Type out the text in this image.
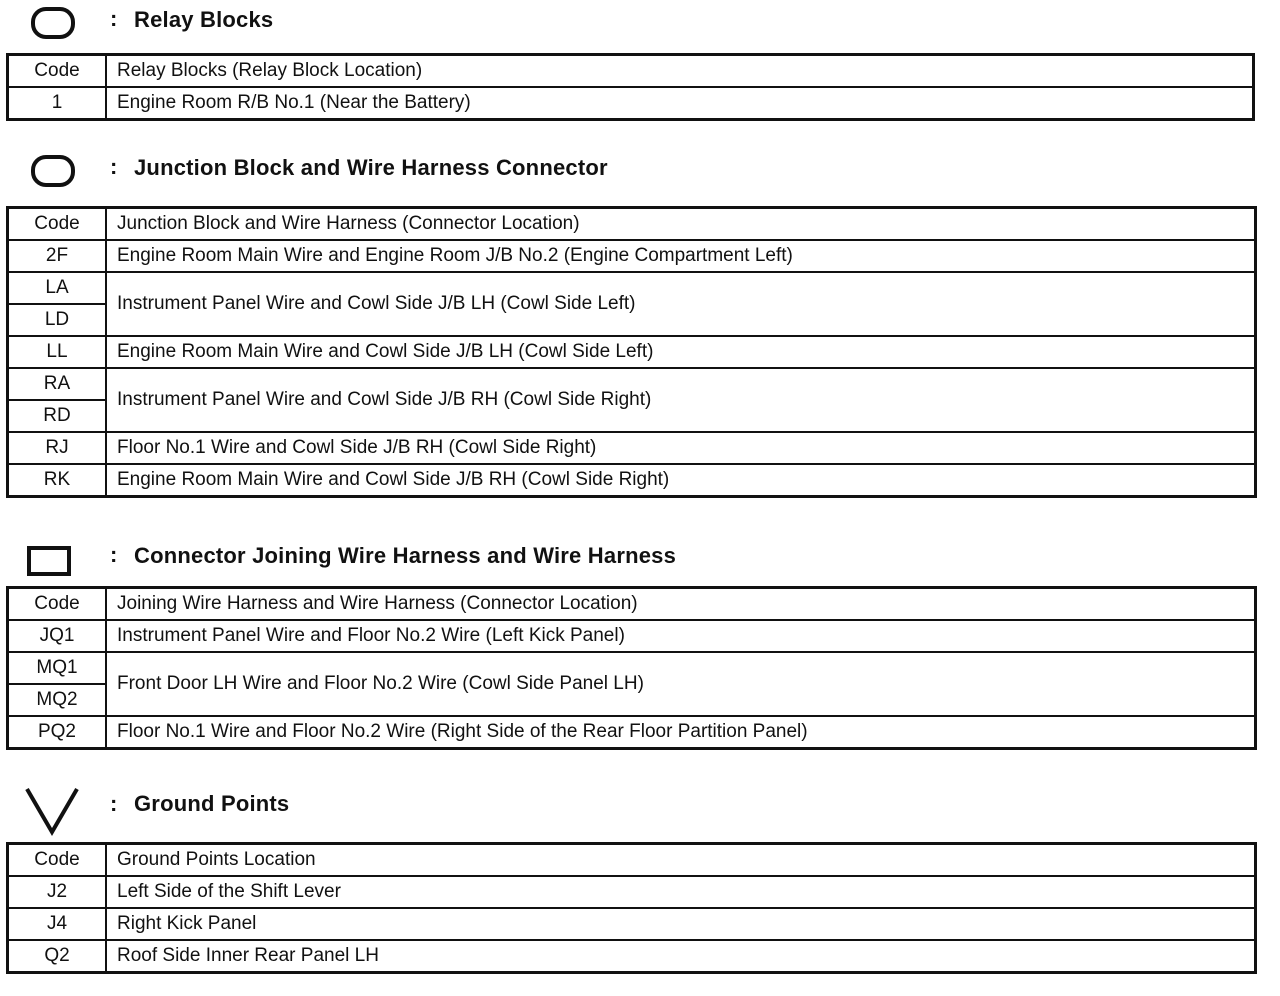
: Relay Blocks
Code	Relay Blocks (Relay Block Location)
1	Engine Room R/B No.1 (Near the Battery)
: Junction Block and Wire Harness Connector
Code	Junction Block and Wire Harness (Connector Location)
2F	Engine Room Main Wire and Engine Room J/B No.2 (Engine Compartment Left)
LA	Instrument Panel Wire and Cowl Side J/B LH (Cowl Side Left)
LD	
LL	Engine Room Main Wire and Cowl Side J/B LH (Cowl Side Left)
RA	Instrument Panel Wire and Cowl Side J/B RH (Cowl Side Right)
RD	
RJ	Floor No.1 Wire and Cowl Side J/B RH (Cowl Side Right)
RK	Engine Room Main Wire and Cowl Side J/B RH (Cowl Side Right)
: Connector Joining Wire Harness and Wire Harness
Code	Joining Wire Harness and Wire Harness (Connector Location)
JQ1	Instrument Panel Wire and Floor No.2 Wire (Left Kick Panel)
MQ1	Front Door LH Wire and Floor No.2 Wire (Cowl Side Panel LH)
MQ2	
PQ2	Floor No.1 Wire and Floor No.2 Wire (Right Side of the Rear Floor Partition Panel)
: Ground Points
Code	Ground Points Location
J2	Left Side of the Shift Lever
J4	Right Kick Panel
Q2	Roof Side Inner Rear Panel LH
